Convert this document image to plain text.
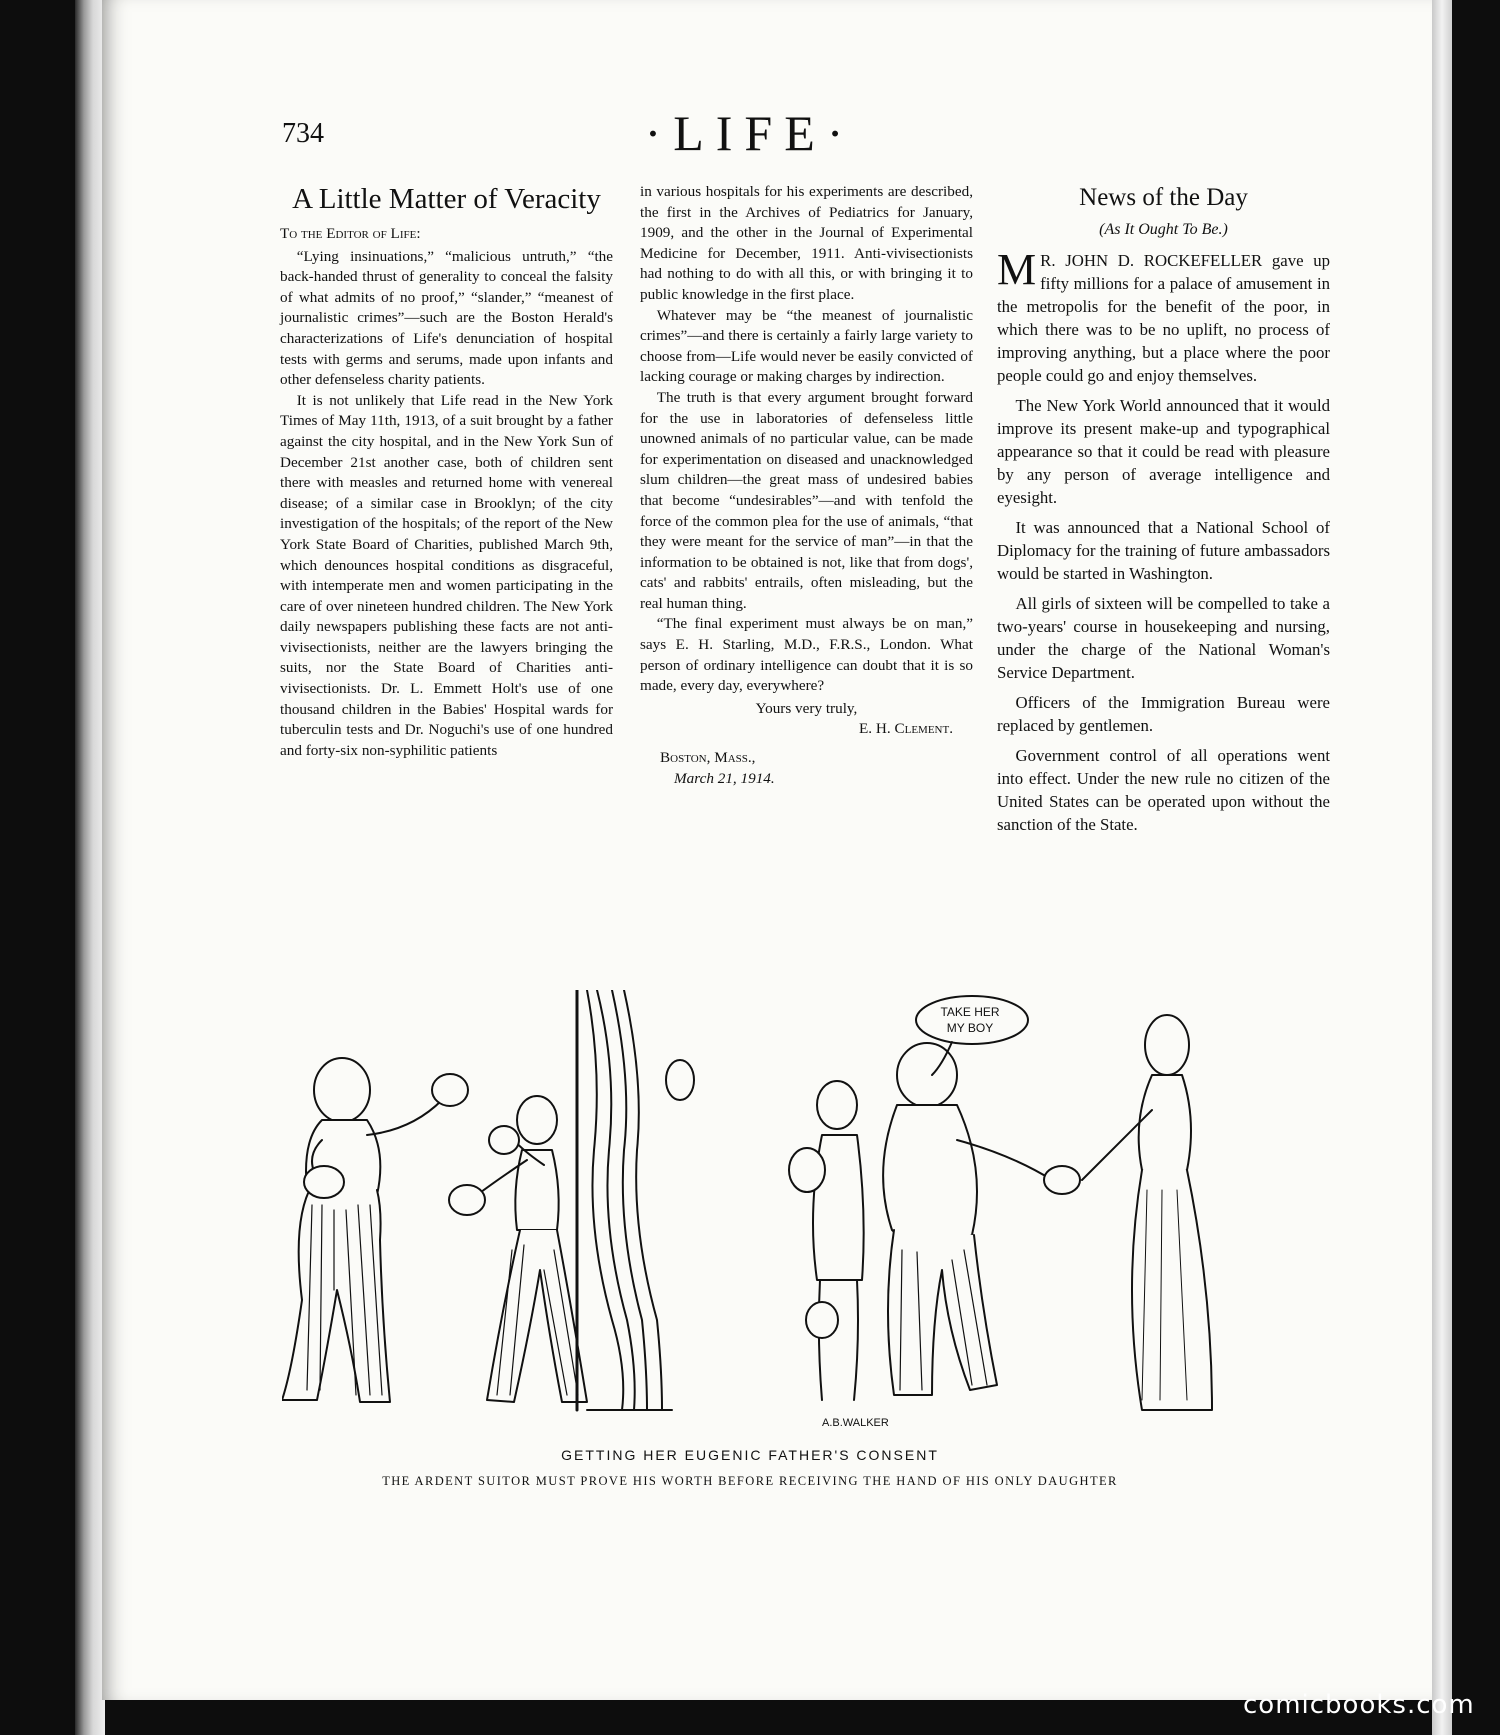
734	·LIFE·
A Little Matter of Veracity
To the Editor of Life:

“Lying insinuations,” “malicious untruth,” “the back-handed thrust of generality to conceal the falsity of what admits of no proof,” “slander,” “meanest of journalistic crimes”—such are the Boston Herald's characterizations of Life's denunciation of hospital tests with germs and serums, made upon infants and other defenseless charity patients.

It is not unlikely that Life read in the New York Times of May 11th, 1913, of a suit brought by a father against the city hospital, and in the New York Sun of December 21st another case, both of children sent there with measles and returned home with venereal disease; of a similar case in Brooklyn; of the city investigation of the hospitals; of the report of the New York State Board of Charities, published March 9th, which denounces hospital conditions as disgraceful, with intemperate men and women participating in the care of over nineteen hundred children. The New York daily newspapers publishing these facts are not anti-vivisectionists, neither are the lawyers bringing the suits, nor the State Board of Charities anti-vivisectionists. Dr. L. Emmett Holt's use of one thousand children in the Babies' Hospital wards for tuberculin tests and Dr. Noguchi's use of one hundred and forty-six non-syphilitic patients

in various hospitals for his experiments are described, the first in the Archives of Pediatrics for January, 1909, and the other in the Journal of Experimental Medicine for December, 1911. Anti-vivisectionists had nothing to do with all this, or with bringing it to public knowledge in the first place.

Whatever may be “the meanest of journalistic crimes”—and there is certainly a fairly large variety to choose from—Life would never be easily convicted of lacking courage or making charges by indirection.

The truth is that every argument brought forward for the use in laboratories of defenseless little unowned animals of no particular value, can be made for experimentation on diseased and unacknowledged slum children—the great mass of undesired babies that become “undesirables”—and with tenfold the force of the common plea for the use of animals, “that they were meant for the service of man”—in that the information to be obtained is not, like that from dogs', cats' and rabbits' entrails, often misleading, but the real human thing.

“The final experiment must always be on man,” says E. H. Starling, M.D., F.R.S., London. What person of ordinary intelligence can doubt that it is so made, every day, everywhere?

Yours very truly,
E. H. Clement.
Boston, Mass.,
March 21, 1914.
News of the Day
(As It Ought To Be.)

M R. JOHN D. ROCKEFELLER gave up fifty millions for a palace of amusement in the metropolis for the benefit of the poor, in which there was to be no uplift, no process of improving anything, but a place where the poor people could go and enjoy themselves.

The New York World announced that it would improve its present make-up and typographical appearance so that it could be read with pleasure by any person of average intelligence and eyesight.

It was announced that a National School of Diplomacy for the training of future ambassadors would be started in Washington.

All girls of sixteen will be compelled to take a two-years' course in housekeeping and nursing, under the charge of the National Woman's Service Department.

Officers of the Immigration Bureau were replaced by gentlemen.

Government control of all operations went into effect. Under the new rule no citizen of the United States can be operated upon without the sanction of the State.

TAKE HER
MY BOY
A.B.WALKER
GETTING HER EUGENIC FATHER'S CONSENT
THE ARDENT SUITOR MUST PROVE HIS WORTH BEFORE RECEIVING THE HAND OF HIS ONLY DAUGHTER
comicbooks.com
